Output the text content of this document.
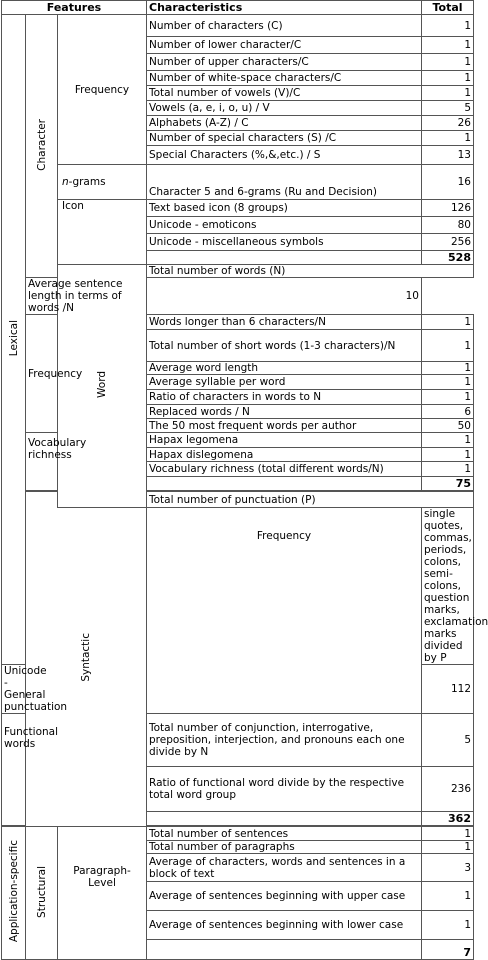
Features			Characteristics	Total	
Lexical	Character	Frequency	Number of characters (C)	1	
			Number of lower character/C	1	
			Number of upper characters/C	1	
			Number of white-space characters/C	1	
			Total number of vowels (V)/C	1	
			Vowels (a, e, i, o, u) / V	5	
			Alphabets (A-Z) / C	26	
			Number of special characters (S) /C	1	
			Special Characters (%,&,etc.) / S	13	
		n-grams	Character 5 and 6-grams (Ru and Decision)	16	
		Icon	Text based icon (8 groups)	126	
			Unicode - emoticons	80	
			Unicode - miscellaneous symbols	256	
				528	
		Word	Total number of words (N)	
	Average sentence length in terms of words /N		10		
	Frequency		Words longer than 6 characters/N	1	
			Total number of short words (1-3 characters)/N	1	
			Average word length	1	
			Average syllable per word	1	
			Ratio of characters in words to N	1	
			Replaced words / N	6	
			The 50 most frequent words per author	50	
	Vocabulary richness		Hapax legomena	1	
			Hapax dislegomena	1	
			Vocabulary richness (total different words/N)	1	
				75	

	Syntactic		Total number of punctuation (P)	
			Frequency	single quotes, commas, periods, colons, semi-colons, question marks, exclamation marks divided by P	
Unicode - General punctuation				112	
Functional words			Total number of conjunction, interrogative, preposition, interjection, and pronouns each one divide by N	5	
			Ratio of functional word divide by the respective total word group	236	
				362	

Application-specific	Structural	Paragraph-Level	Total number of sentences	1	
			Total number of paragraphs	1	
			Average of characters, words and sentences in a block of text	3	
			Average of sentences beginning with upper case	1	
			Average of sentences beginning with lower case	1	
				7	
